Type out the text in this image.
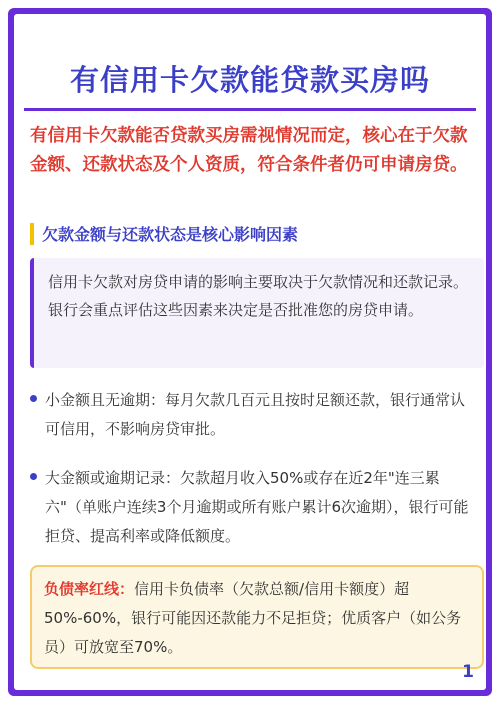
有信用卡欠款能贷款买房吗
有信用卡欠款能否贷款买房需视情况而定，核心在于欠款金额、还款状态及个人资质，符合条件者仍可申请房贷。
欠款金额与还款状态是核心影响因素
信用卡欠款对房贷申请的影响主要取决于欠款情况和还款记录。银行会重点评估这些因素来决定是否批准您的房贷申请。
小金额且无逾期：每月欠款几百元且按时足额还款，银行通常认可信用，不影响房贷审批。
大金额或逾期记录：欠款超月收入50%或存在近2年"连三累六"（单账户连续3个月逾期或所有账户累计6次逾期），银行可能拒贷、提高利率或降低额度。
负债率红线：信用卡负债率（欠款总额/信用卡额度）超50%-60%，银行可能因还款能力不足拒贷；优质客户（如公务员）可放宽至70%。
1
